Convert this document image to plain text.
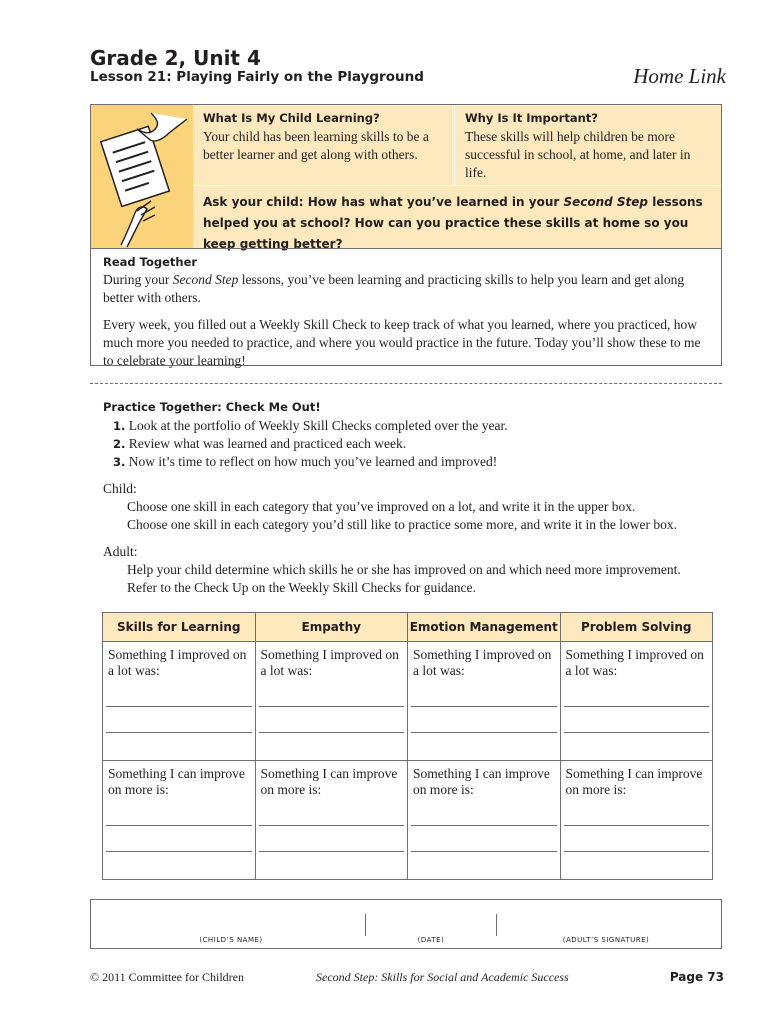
Grade 2, Unit 4
Lesson 21: Playing Fairly on the Playground	Home Link
What Is My Child Learning?
Your child has been learning skills to be a better learner and get along with others.
Why Is It Important?
These skills will help children be more successful in school, at home, and later in life.
Ask your child: How has what you’ve learned in your Second Step lessons helped you at school? How can you practice these skills at home so you keep getting better?
Read Together

During your Second Step lessons, you’ve been learning and practicing skills to help you learn and get along better with others.

Every week, you filled out a Weekly Skill Check to keep track of what you learned, where you practiced, how much more you needed to practice, and where you would practice in the future. Today you’ll show these to me to celebrate your learning!

Practice Together: Check Me Out!
1. Look at the portfolio of Weekly Skill Checks completed over the year.
2. Review what was learned and practiced each week.
3. Now it’s time to reflect on how much you’ve learned and improved!
Child:
Choose one skill in each category that you’ve improved on a lot, and write it in the upper box.
Choose one skill in each category you’d still like to practice some more, and write it in the lower box.
Adult:
Help your child determine which skills he or she has improved on and which need more improvement.
Refer to the Check Up on the Weekly Skill Checks for guidance.
Skills for Learning	Empathy	Emotion Management	Problem Solving

Something I improved on a lot was:	Something I improved on a lot was:	Something I improved on a lot was:	Something I improved on a lot was:

Something I can improve on more is:	Something I can improve on more is:	Something I can improve on more is:	Something I can improve on more is:
(CHILD’S NAME)	(DATE)	(ADULT’S SIGNATURE)
© 2011 Committee for Children	Second Step: Skills for Social and Academic Success	Page 73
